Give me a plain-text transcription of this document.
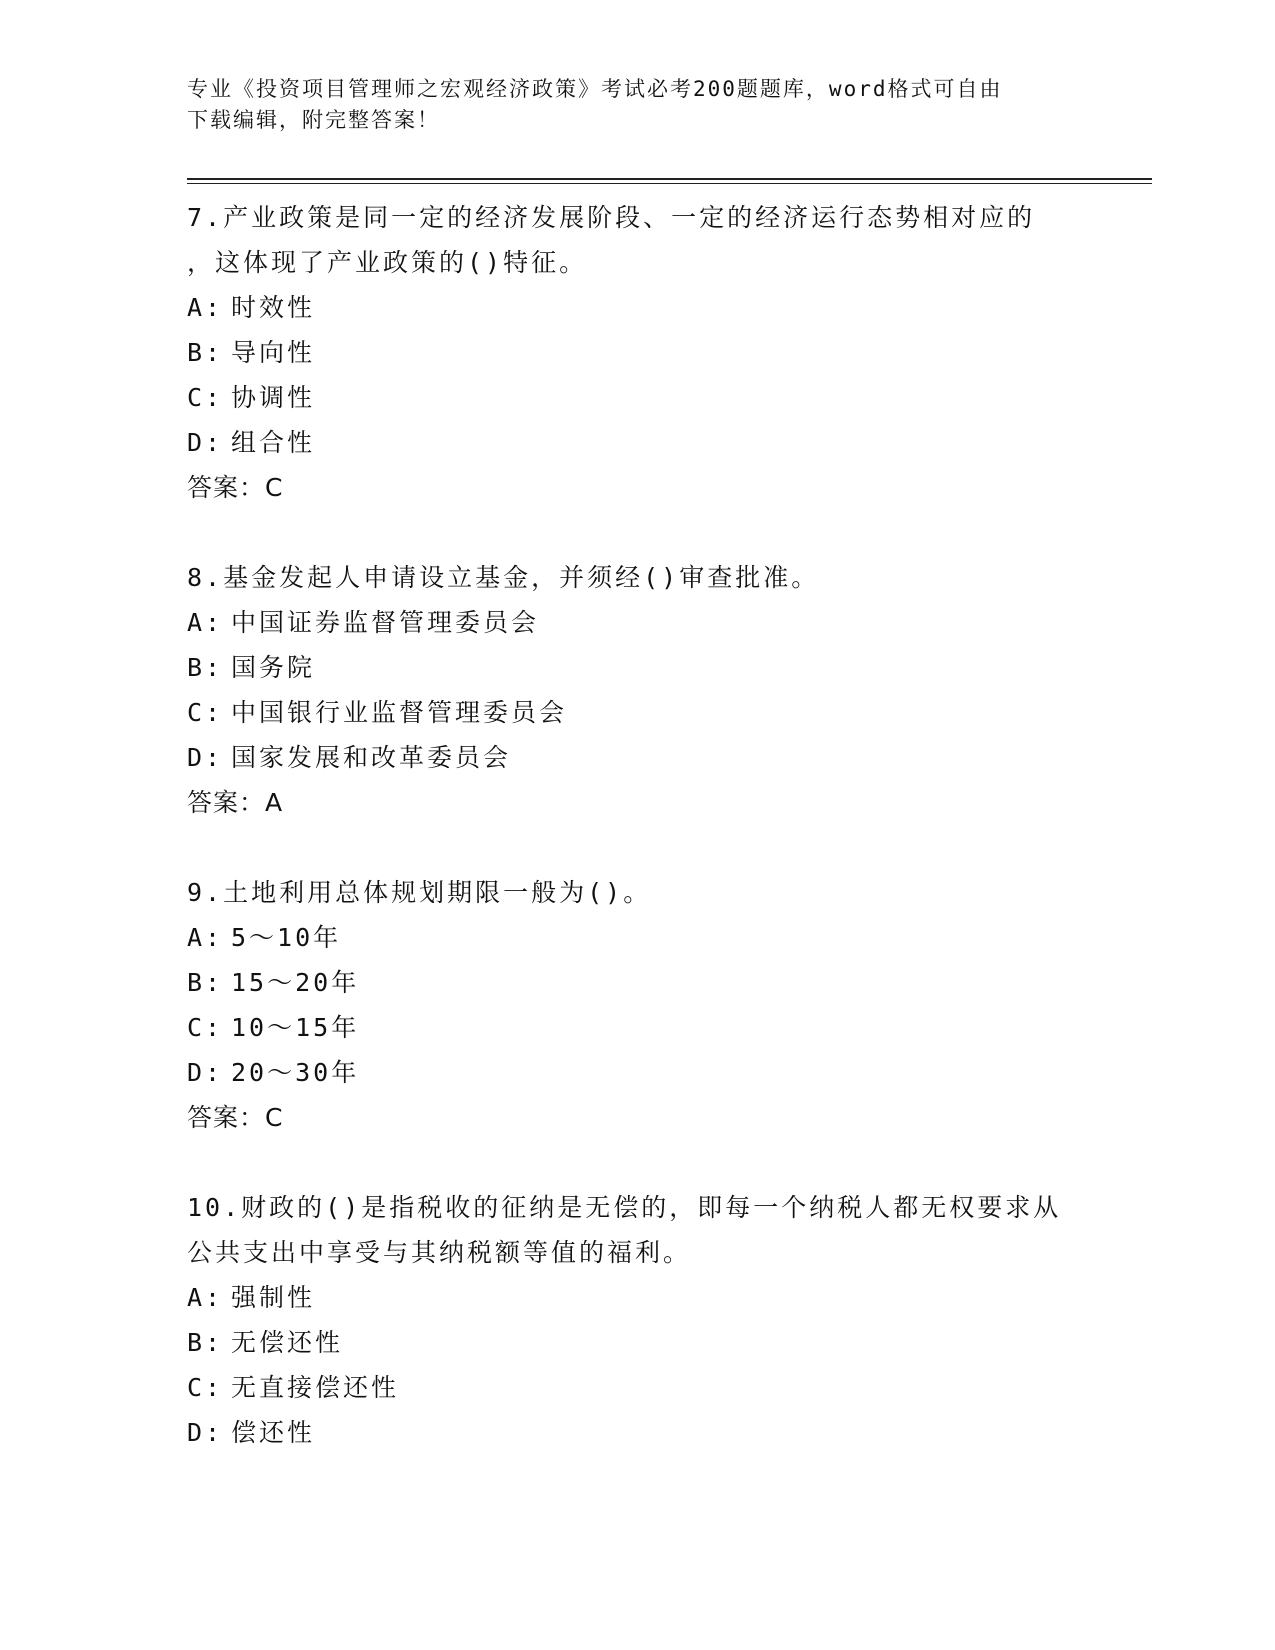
专业《投资项目管理师之宏观经济政策》考试必考200题题库，word格式可自由
下载编辑，附完整答案！

7.产业政策是同一定的经济发展阶段、一定的经济运行态势相对应的

，这体现了产业政策的()特征。

A: 时效性

B: 导向性

C: 协调性

D: 组合性

答案：C

8.基金发起人申请设立基金，并须经()审查批准。

A: 中国证券监督管理委员会

B: 国务院

C: 中国银行业监督管理委员会

D: 国家发展和改革委员会

答案：A

9.土地利用总体规划期限一般为()。

A: 5～10年

B: 15～20年

C: 10～15年

D: 20～30年

答案：C

10.财政的()是指税收的征纳是无偿的，即每一个纳税人都无权要求从

公共支出中享受与其纳税额等值的福利。

A: 强制性

B: 无偿还性

C: 无直接偿还性

D: 偿还性
